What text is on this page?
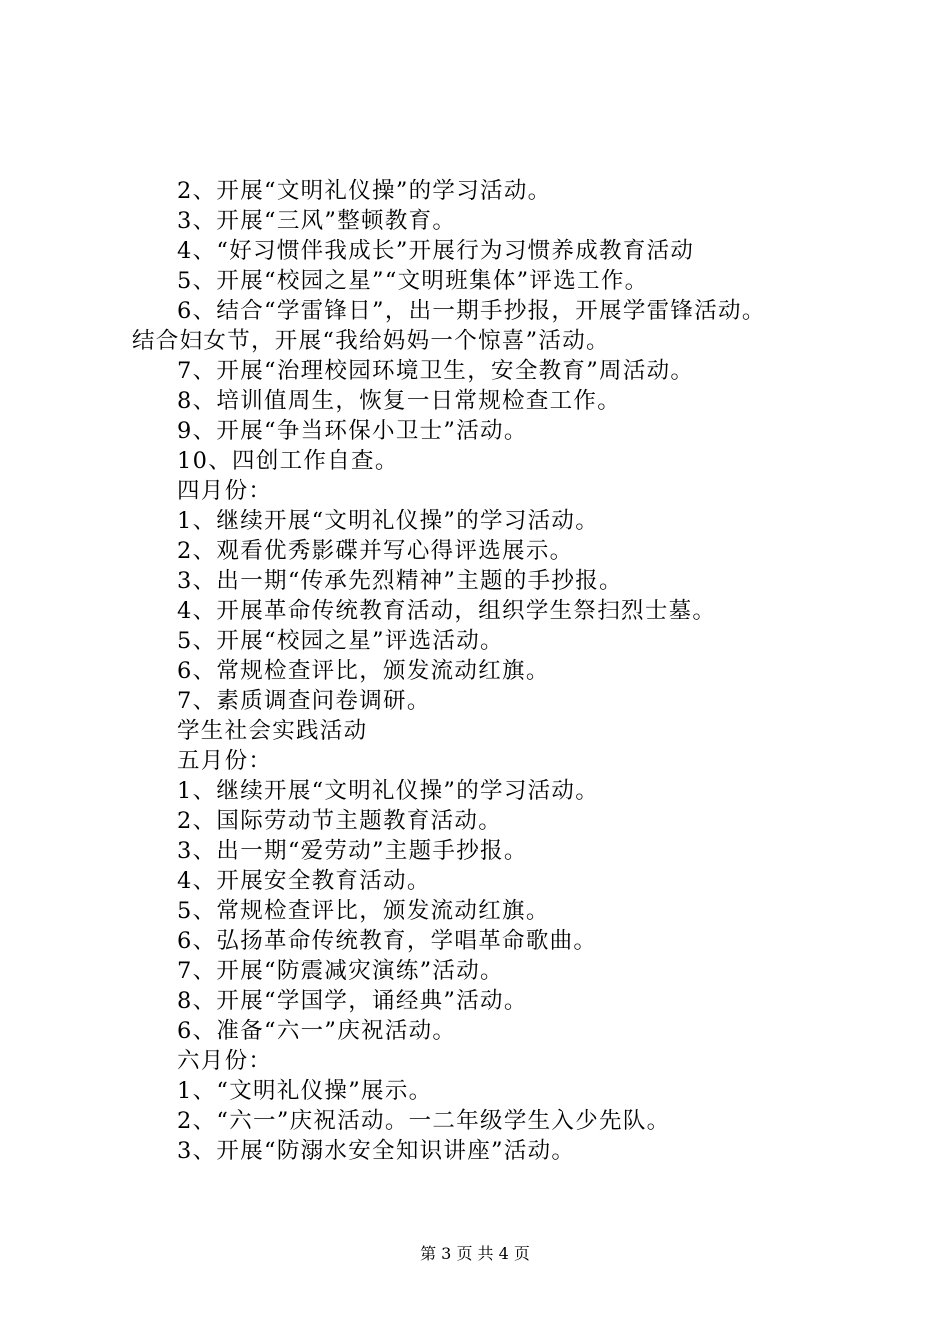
2、开展“文明礼仪操”的学习活动。
3、开展“三风”整顿教育。
4、“好习惯伴我成长”开展行为习惯养成教育活动
5、开展“校园之星”“文明班集体”评选工作。
6、结合“学雷锋日”，出一期手抄报，开展学雷锋活动。
结合妇女节，开展“我给妈妈一个惊喜”活动。
7、开展“治理校园环境卫生，安全教育”周活动。
8、培训值周生，恢复一日常规检查工作。
9、开展“争当环保小卫士”活动。
10、四创工作自查。
四月份：
1、继续开展“文明礼仪操”的学习活动。
2、观看优秀影碟并写心得评选展示。
3、出一期“传承先烈精神”主题的手抄报。
4、开展革命传统教育活动，组织学生祭扫烈士墓。
5、开展“校园之星”评选活动。
6、常规检查评比，颁发流动红旗。
7、素质调查问卷调研。
学生社会实践活动
五月份：
1、继续开展“文明礼仪操”的学习活动。
2、国际劳动节主题教育活动。
3、出一期“爱劳动”主题手抄报。
4、开展安全教育活动。
5、常规检查评比，颁发流动红旗。
6、弘扬革命传统教育，学唱革命歌曲。
7、开展“防震减灾演练”活动。
8、开展“学国学，诵经典”活动。
6、准备“六一”庆祝活动。
六月份：
1、“文明礼仪操”展示。
2、“六一”庆祝活动。一二年级学生入少先队。
3、开展“防溺水安全知识讲座”活动。
第 3 页 共 4 页
